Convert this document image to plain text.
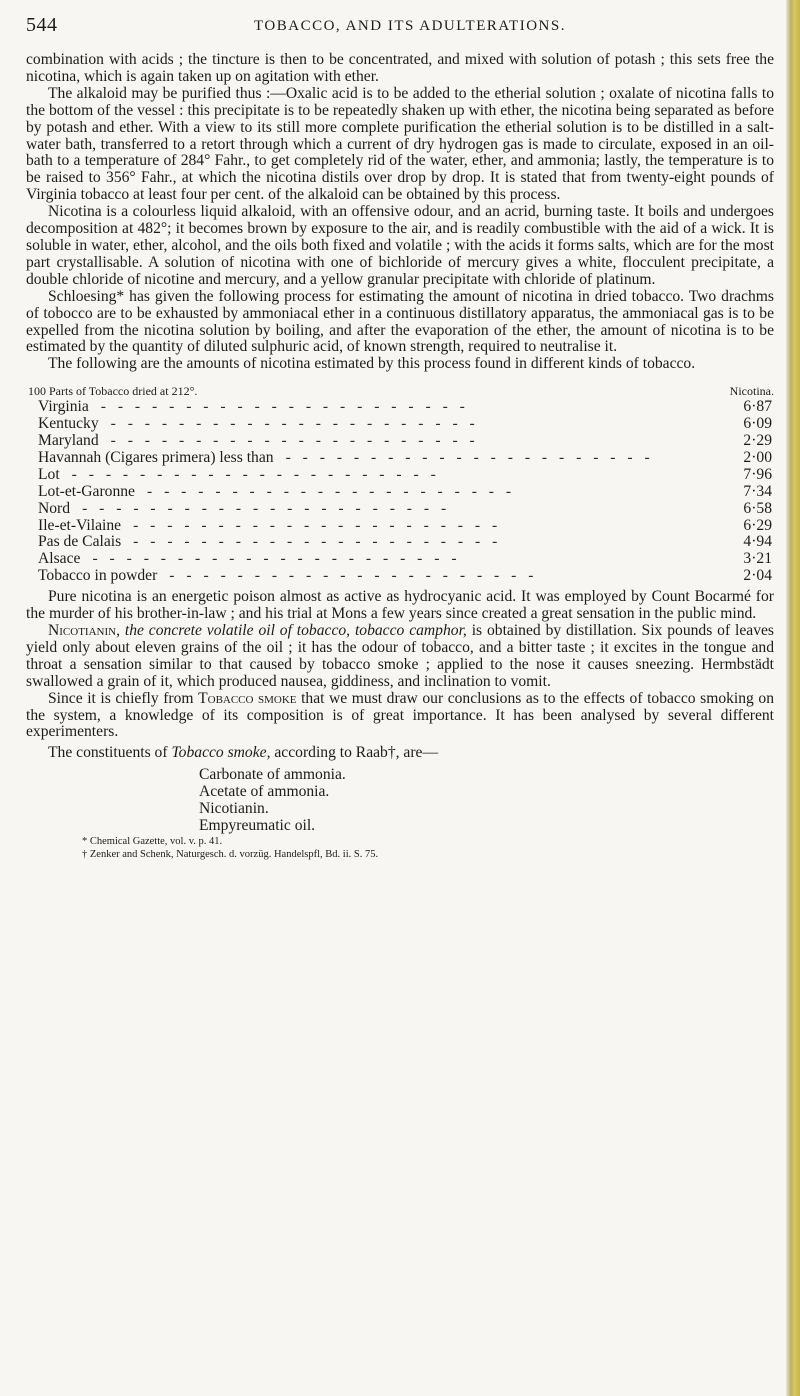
544	TOBACCO, AND ITS ADULTERATIONS.

combination with acids ; the tincture is then to be concentrated, and mixed with solution of potash ; this sets free the nicotina, which is again taken up on agitation with ether.

The alkaloid may be purified thus :—Oxalic acid is to be added to the etherial solution ; oxalate of nicotina falls to the bottom of the vessel : this precipitate is to be repeatedly shaken up with ether, the nicotina being separated as before by potash and ether. With a view to its still more complete purification the etherial solution is to be distilled in a salt-water bath, transferred to a retort through which a current of dry hydrogen gas is made to circulate, exposed in an oil-bath to a temperature of 284° Fahr., to get completely rid of the water, ether, and ammonia; lastly, the temperature is to be raised to 356° Fahr., at which the nicotina distils over drop by drop. It is stated that from twenty-eight pounds of Virginia tobacco at least four per cent. of the alkaloid can be obtained by this process.

Nicotina is a colourless liquid alkaloid, with an offensive odour, and an acrid, burning taste. It boils and undergoes decomposition at 482°; it becomes brown by exposure to the air, and is readily combustible with the aid of a wick. It is soluble in water, ether, alcohol, and the oils both fixed and volatile ; with the acids it forms salts, which are for the most part crystallisable. A solution of nicotina with one of bichloride of mercury gives a white, flocculent precipitate, a double chloride of nicotine and mercury, and a yellow granular precipitate with chloride of platinum.

Schloesing* has given the following process for estimating the amount of nicotina in dried tobacco. Two drachms of tobocco are to be exhausted by ammoniacal ether in a continuous distillatory apparatus, the ammoniacal gas is to be expelled from the nicotina solution by boiling, and after the evaporation of the ether, the amount of nicotina is to be estimated by the quantity of diluted sulphuric acid, of known strength, required to neutralise it.

The following are the amounts of nicotina estimated by this process found in different kinds of tobacco.

100 Parts of Tobacco dried at 212°.	Nicotina.
Virginia - - - - - - - - - - - - - - - - - - - - - -	6·87
Kentucky - - - - - - - - - - - - - - - - - - - - - -	6·09
Maryland - - - - - - - - - - - - - - - - - - - - - -	2·29
Havannah (Cigares primera) less than - - - - - - - - - - - - - - - - - - - - - -	2·00
Lot - - - - - - - - - - - - - - - - - - - - - -	7·96
Lot-et-Garonne - - - - - - - - - - - - - - - - - - - - - -	7·34
Nord - - - - - - - - - - - - - - - - - - - - - -	6·58
Ile-et-Vilaine - - - - - - - - - - - - - - - - - - - - - -	6·29
Pas de Calais - - - - - - - - - - - - - - - - - - - - - -	4·94
Alsace - - - - - - - - - - - - - - - - - - - - - -	3·21
Tobacco in powder - - - - - - - - - - - - - - - - - - - - - -	2·04

Pure nicotina is an energetic poison almost as active as hydrocyanic acid. It was employed by Count Bocarmé for the murder of his brother-in-law ; and his trial at Mons a few years since created a great sensation in the public mind.

Nicotianin, the concrete volatile oil of tobacco, tobacco camphor, is obtained by distillation. Six pounds of leaves yield only about eleven grains of the oil ; it has the odour of tobacco, and a bitter taste ; it excites in the tongue and throat a sensation similar to that caused by tobacco smoke ; applied to the nose it causes sneezing. Hermbstädt swallowed a grain of it, which produced nausea, giddiness, and inclination to vomit.

Since it is chiefly from Tobacco smoke that we must draw our conclusions as to the effects of tobacco smoking on the system, a knowledge of its composition is of great importance. It has been analysed by several different experimenters.

The constituents of Tobacco smoke, according to Raab†, are—

Carbonate of ammonia.
Acetate of ammonia.
Nicotianin.
Empyreumatic oil.

* Chemical Gazette, vol. v. p. 41.

† Zenker and Schenk, Naturgesch. d. vorzüg. Handelspfl, Bd. ii. S. 75.
